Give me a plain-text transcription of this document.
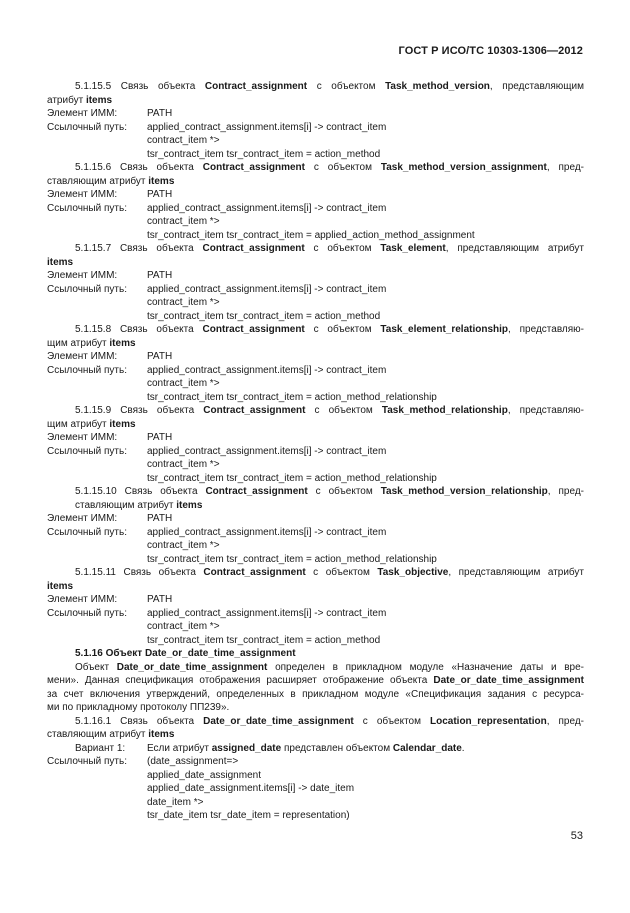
ГОСТ Р ИСО/ТС 10303-1306—2012
5.1.15.5 Связь объекта Contract_assignment с объектом Task_method_version, представляющим
атрибут items
Элемент ИММ:	PATH
Ссылочный путь:	applied_contract_assignment.items[i] -> contract_item
contract_item *>
tsr_contract_item tsr_contract_item = action_method
5.1.15.6 Связь объекта Contract_assignment с объектом Task_method_version_assignment, пред-
ставляющим атрибут items
Элемент ИММ:	PATH
Ссылочный путь:	applied_contract_assignment.items[i] -> contract_item
contract_item *>
tsr_contract_item tsr_contract_item = applied_action_method_assignment
5.1.15.7 Связь объекта Contract_assignment с объектом Task_element, представляющим атрибут
items
Элемент ИММ:	PATH
Ссылочный путь:	applied_contract_assignment.items[i] -> contract_item
contract_item *>
tsr_contract_item tsr_contract_item = action_method
5.1.15.8 Связь объекта Contract_assignment с объектом Task_element_relationship, представляю-
щим атрибут items
Элемент ИММ:	PATH
Ссылочный путь:	applied_contract_assignment.items[i] -> contract_item
contract_item *>
tsr_contract_item tsr_contract_item = action_method_relationship
5.1.15.9 Связь объекта Contract_assignment с объектом Task_method_relationship, представляю-
щим атрибут items
Элемент ИММ:	PATH
Ссылочный путь:	applied_contract_assignment.items[i] -> contract_item
contract_item *>
tsr_contract_item tsr_contract_item = action_method_relationship
5.1.15.10 Связь объекта Contract_assignment с объектом Task_method_version_relationship, пред-
ставляющим атрибут items
Элемент ИММ:	PATH
Ссылочный путь:	applied_contract_assignment.items[i] -> contract_item
contract_item *>
tsr_contract_item tsr_contract_item = action_method_relationship
5.1.15.11 Связь объекта Contract_assignment с объектом Task_objective, представляющим атрибут
items
Элемент ИММ:	PATH
Ссылочный путь:	applied_contract_assignment.items[i] -> contract_item
contract_item *>
tsr_contract_item tsr_contract_item = action_method
5.1.16 Объект Date_or_date_time_assignment
Объект Date_or_date_time_assignment определен в прикладном модуле «Назначение даты и вре-
мени». Данная спецификация отображения расширяет отображение объекта Date_or_date_time_assignment
за счет включения утверждений, определенных в прикладном модуле «Спецификация задания с ресурса-
ми по прикладному протоколу ПП239».
5.1.16.1 Связь объекта Date_or_date_time_assignment с объектом Location_representation, пред-
ставляющим атрибут items
Вариант 1:	Если атрибут assigned_date представлен объектом Calendar_date.
Ссылочный путь:	(date_assignment=>
applied_date_assignment
applied_date_assignment.items[i] -> date_item
date_item *>
tsr_date_item tsr_date_item = representation)
53
